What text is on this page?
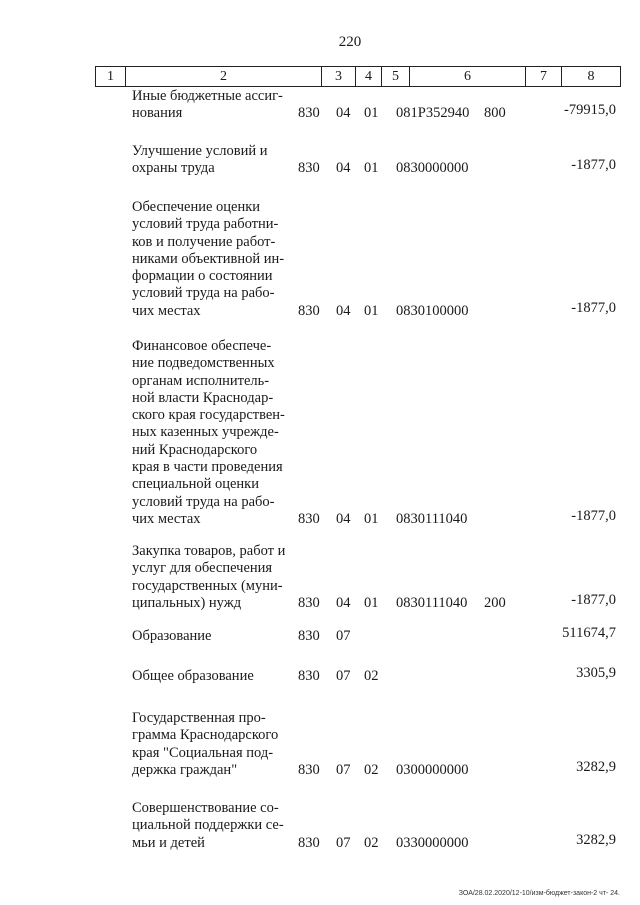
220
1	2	3	4	5	6	7	8
Иные бюджетные ассиг-
нования	830 04 01 081Р352940 800	-79915,0
Улучшение условий и
охраны труда	830 04 01 0830000000	-1877,0
Обеспечение оценки
условий труда работни-
ков и получение работ-
никами объективной ин-
формации о состоянии
условий труда на рабо-
чих местах	830 04 01 0830100000	-1877,0
Финансовое обеспече-
ние подведомственных
органам исполнитель-
ной власти Краснодар-
ского края государствен-
ных казенных учрежде-
ний Краснодарского
края в части проведения
специальной оценки
условий труда на рабо-
чих местах	830 04 01 0830111040	-1877,0
Закупка товаров, работ и
услуг для обеспечения
государственных (муни-
ципальных) нужд	830 04 01 0830111040 200	-1877,0
Образование	830 07	511674,7
Общее образование	830 07 02	3305,9
Государственная про-
грамма Краснодарского
края "Социальная под-
держка граждан"	830 07 02 0300000000	3282,9
Совершенствование со-
циальной поддержки се-
мьи и детей	830 07 02 0330000000	3282,9
ЗОА/28.02.2020/12-10/изм-бюджет-закон-2 чт- 24.
